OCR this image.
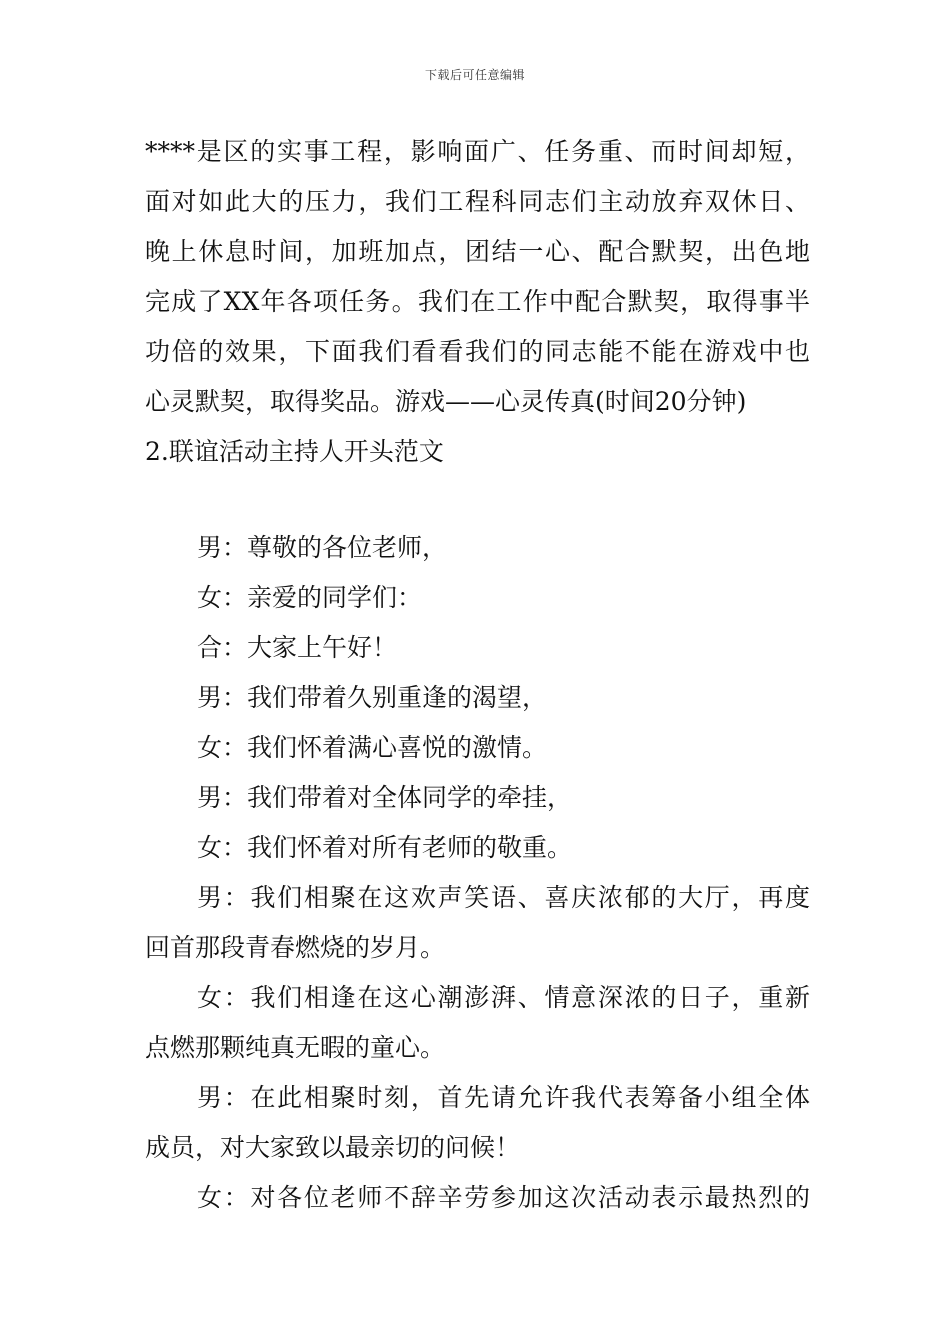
下载后可任意编辑
****是区的实事工程，影响面广、任务重、而时间却短，
面对如此大的压力，我们工程科同志们主动放弃双休日、
晚上休息时间，加班加点，团结一心、配合默契，出色地
完成了XX年各项任务。我们在工作中配合默契，取得事半
功倍的效果，下面我们看看我们的同志能不能在游戏中也
心灵默契，取得奖品。游戏——心灵传真(时间20分钟)
2.联谊活动主持人开头范文
男：尊敬的各位老师，
女：亲爱的同学们：
合：大家上午好！
男：我们带着久别重逢的渴望，
女：我们怀着满心喜悦的激情。
男：我们带着对全体同学的牵挂，
女：我们怀着对所有老师的敬重。
男：我们相聚在这欢声笑语、喜庆浓郁的大厅，再度
回首那段青春燃烧的岁月。
女：我们相逢在这心潮澎湃、情意深浓的日子，重新
点燃那颗纯真无暇的童心。
男：在此相聚时刻，首先请允许我代表筹备小组全体
成员，对大家致以最亲切的问候！
女：对各位老师不辞辛劳参加这次活动表示最热烈的
